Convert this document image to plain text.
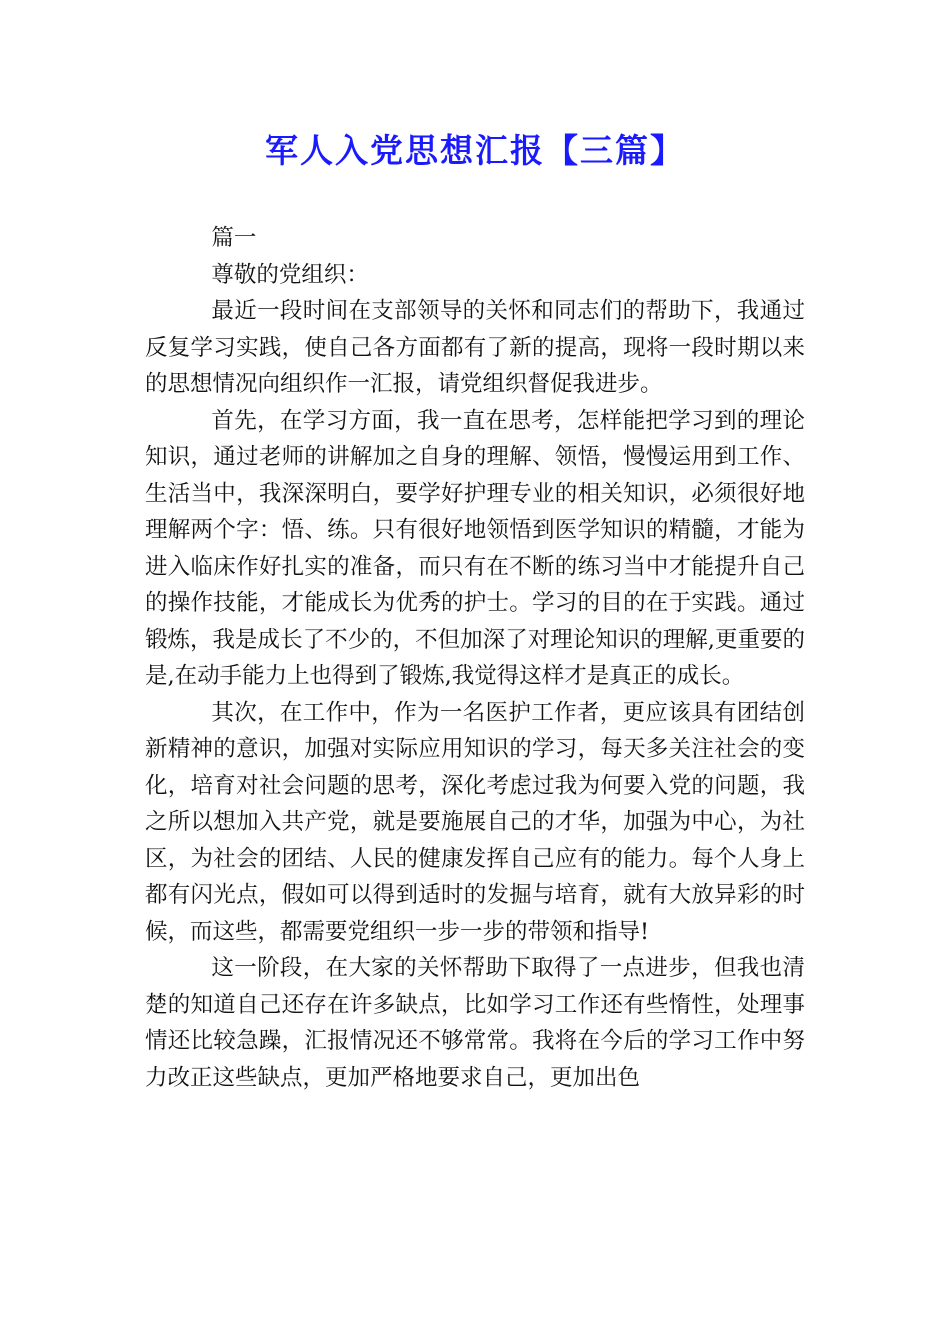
军人入党思想汇报【三篇】

篇一

尊敬的党组织：

最近一段时间在支部领导的关怀和同志们的帮助下，我通过反复学习实践，使自己各方面都有了新的提高，现将一段时期以来的思想情况向组织作一汇报，请党组织督促我进步。

首先，在学习方面，我一直在思考，怎样能把学习到的理论知识，通过老师的讲解加之自身的理解、领悟，慢慢运用到工作、生活当中，我深深明白，要学好护理专业的相关知识，必须很好地理解两个字：悟、练。只有很好地领悟到医学知识的精髓，才能为进入临床作好扎实的准备，而只有在不断的练习当中才能提升自己的操作技能，才能成长为优秀的护士。学习的目的在于实践。通过锻炼，我是成长了不少的，不但加深了对理论知识的理解,更重要的是,在动手能力上也得到了锻炼,我觉得这样才是真正的成长。

其次，在工作中，作为一名医护工作者，更应该具有团结创新精神的意识，加强对实际应用知识的学习，每天多关注社会的变化，培育对社会问题的思考，深化考虑过我为何要入党的问题，我之所以想加入共产党，就是要施展自己的才华，加强为中心，为社区，为社会的团结、人民的健康发挥自己应有的能力。每个人身上都有闪光点，假如可以得到适时的发掘与培育，就有大放异彩的时候，而这些，都需要党组织一步一步的带领和指导!

这一阶段，在大家的关怀帮助下取得了一点进步，但我也清楚的知道自己还存在许多缺点，比如学习工作还有些惰性，处理事情还比较急躁，汇报情况还不够常常。我将在今后的学习工作中努力改正这些缺点，更加严格地要求自己，更加出色
